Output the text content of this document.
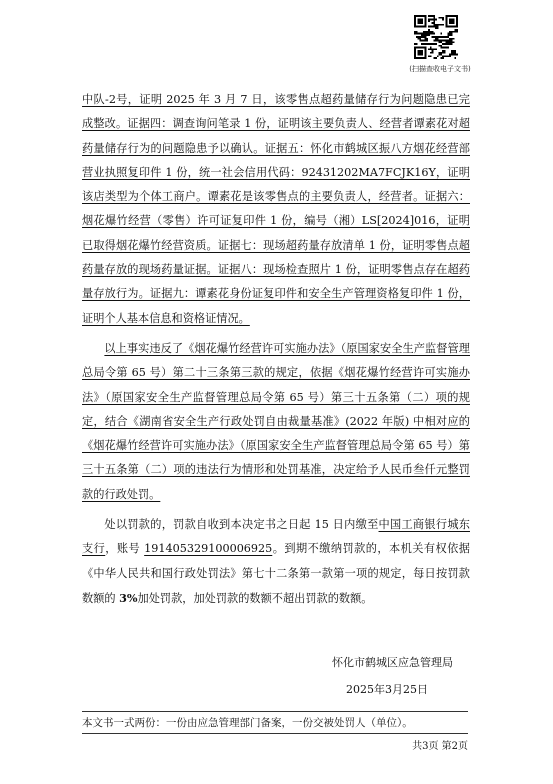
(扫描查收电子文书)

中队-2号，证明 2025 年 3 月 7 日，该零售点超药量储存行为问题隐患已完成整改。证据四：调查询问笔录 1 份，证明该主要负责人、经营者谭素花对超药量储存行为的问题隐患予以确认。证据五：怀化市鹤城区振八方烟花经营部营业执照复印件 1 份，统一社会信用代码：92431202MA7FCJK16Y，证明该店类型为个体工商户。谭素花是该零售点的主要负责人，经营者。证据六：烟花爆竹经营（零售）许可证复印件 1 份，编号（湘）LS[2024]016，证明已取得烟花爆竹经营资质。证据七：现场超药量存放清单 1 份，证明零售点超药量存放的现场药量证据。证据八：现场检查照片 1 份，证明零售点存在超药量存放行为。证据九：谭素花身份证复印件和安全生产管理资格复印件 1 份，证明个人基本信息和资格证情况。

以上事实违反了《烟花爆竹经营许可实施办法》（原国家安全生产监督管理总局令第 65 号）第二十三条第三款的规定，依据《烟花爆竹经营许可实施办法》（原国家安全生产监督管理总局令第 65 号）第三十五条第（二）项的规定，结合《湖南省安全生产行政处罚自由裁量基准》(2022 年版) 中相对应的《烟花爆竹经营许可实施办法》（原国家安全生产监督管理总局令第 65 号）第三十五条第（二）项的违法行为情形和处罚基准，决定给予人民币叁仟元整罚款的行政处罚。

处以罚款的，罚款自收到本决定书之日起 15 日内缴至中国工商银行城东支行，账号 1914053291000069​25。到期不缴纳罚款的，本机关有权依据《中华人民共和国行政处罚法》第七十二条第一款第一项的规定，每日按罚款数额的 3%加处罚款，加处罚款的数额不超出罚款的数额。

怀化市鹤城区应急管理局
2025年3月25日
本文书一式两份：一份由应急管理部门备案，一份交被处罚人（单位）。
共3页 第2页
